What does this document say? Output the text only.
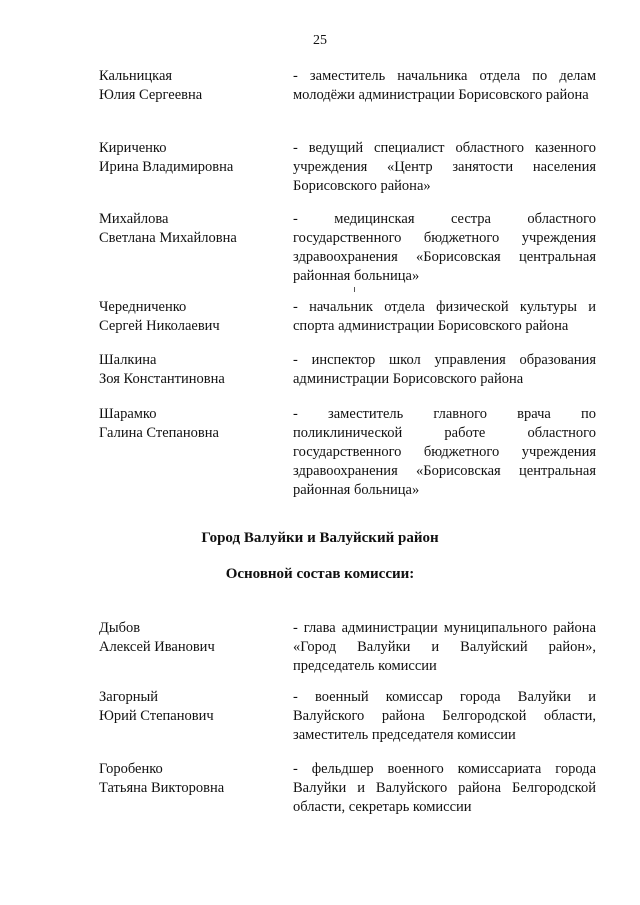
25
Кальницкая
Юлия Сергеевна
- заместитель начальника отдела по делам молодёжи администрации Борисовского района
Кириченко
Ирина Владимировна
- ведущий специалист областного казенного учреждения «Центр занятости населения Борисовского района»
Михайлова
Светлана Михайловна
- медицинская сестра областного государственного бюджетного учреждения здравоохранения «Борисовская центральная районная больница»
Чередниченко
Сергей Николаевич
- начальник отдела физической культуры и спорта администрации Борисовского района
Шалкина
Зоя Константиновна
- инспектор школ управления образования администрации Борисовского района
Шарамко
Галина Степановна
- заместитель главного врача по поликлинической работе областного государственного бюджетного учреждения здравоохранения «Борисовская центральная районная больница»
Город Валуйки и Валуйский район
Основной состав комиссии:
Дыбов
Алексей Иванович
- глава администрации муниципального района «Город Валуйки и Валуйский район», председатель комиссии
Загорный
Юрий Степанович
- военный комиссар города Валуйки и Валуйского района Белгородской области, заместитель председателя комиссии
Горобенко
Татьяна Викторовна
- фельдшер военного комиссариата города Валуйки и Валуйского района Белгородской области, секретарь комиссии
